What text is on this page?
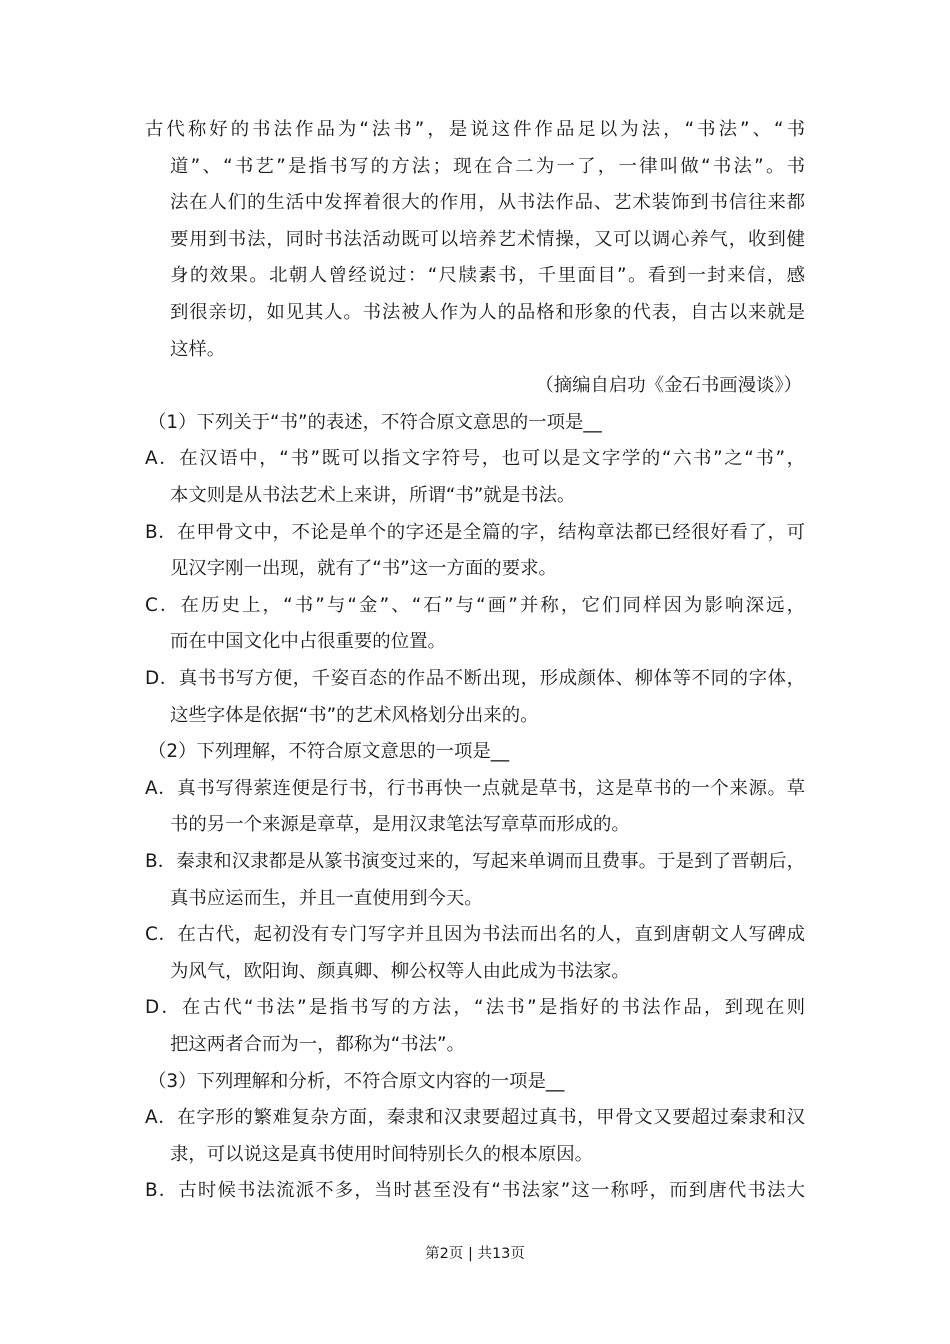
古代称好的书法作品为“法书”，是说这件作品足以为法，“书法”、“书
道”、“书艺”是指书写的方法；现在合二为一了，一律叫做“书法”。书
法在人们的生活中发挥着很大的作用，从书法作品、艺术装饰到书信往来都
要用到书法，同时书法活动既可以培养艺术情操，又可以调心养气，收到健
身的效果。北朝人曾经说过：“尺牍素书，千里面目”。看到一封来信，感
到很亲切，如见其人。书法被人作为人的品格和形象的代表，自古以来就是
这样。
（摘编自启功《金石书画漫谈》）
（1）下列关于“书”的表述，不符合原文意思的一项是__
A．在汉语中，“书”既可以指文字符号，也可以是文字学的“六书”之“书”，
本文则是从书法艺术上来讲，所谓“书”就是书法。
B．在甲骨文中，不论是单个的字还是全篇的字，结构章法都已经很好看了，可
见汉字刚一出现，就有了“书”这一方面的要求。
C．在历史上，“书”与“金”、“石”与“画”并称，它们同样因为影响深远，
而在中国文化中占很重要的位置。
D．真书书写方便，千姿百态的作品不断出现，形成颜体、柳体等不同的字体，
这些字体是依据“书”的艺术风格划分出来的。
（2）下列理解，不符合原文意思的一项是__
A．真书写得萦连便是行书，行书再快一点就是草书，这是草书的一个来源。草
书的另一个来源是章草，是用汉隶笔法写章草而形成的。
B．秦隶和汉隶都是从篆书演变过来的，写起来单调而且费事。于是到了晋朝后，
真书应运而生，并且一直使用到今天。
C．在古代，起初没有专门写字并且因为书法而出名的人，直到唐朝文人写碑成
为风气，欧阳询、颜真卿、柳公权等人由此成为书法家。
D．在古代“书法”是指书写的方法，“法书”是指好的书法作品，到现在则
把这两者合而为一，都称为“书法”。
（3）下列理解和分析，不符合原文内容的一项是__
A．在字形的繁难复杂方面，秦隶和汉隶要超过真书，甲骨文又要超过秦隶和汉
隶，可以说这是真书使用时间特别长久的根本原因。
B．古时候书法流派不多，当时甚至没有“书法家”这一称呼，而到唐代书法大
第2页 | 共13页
